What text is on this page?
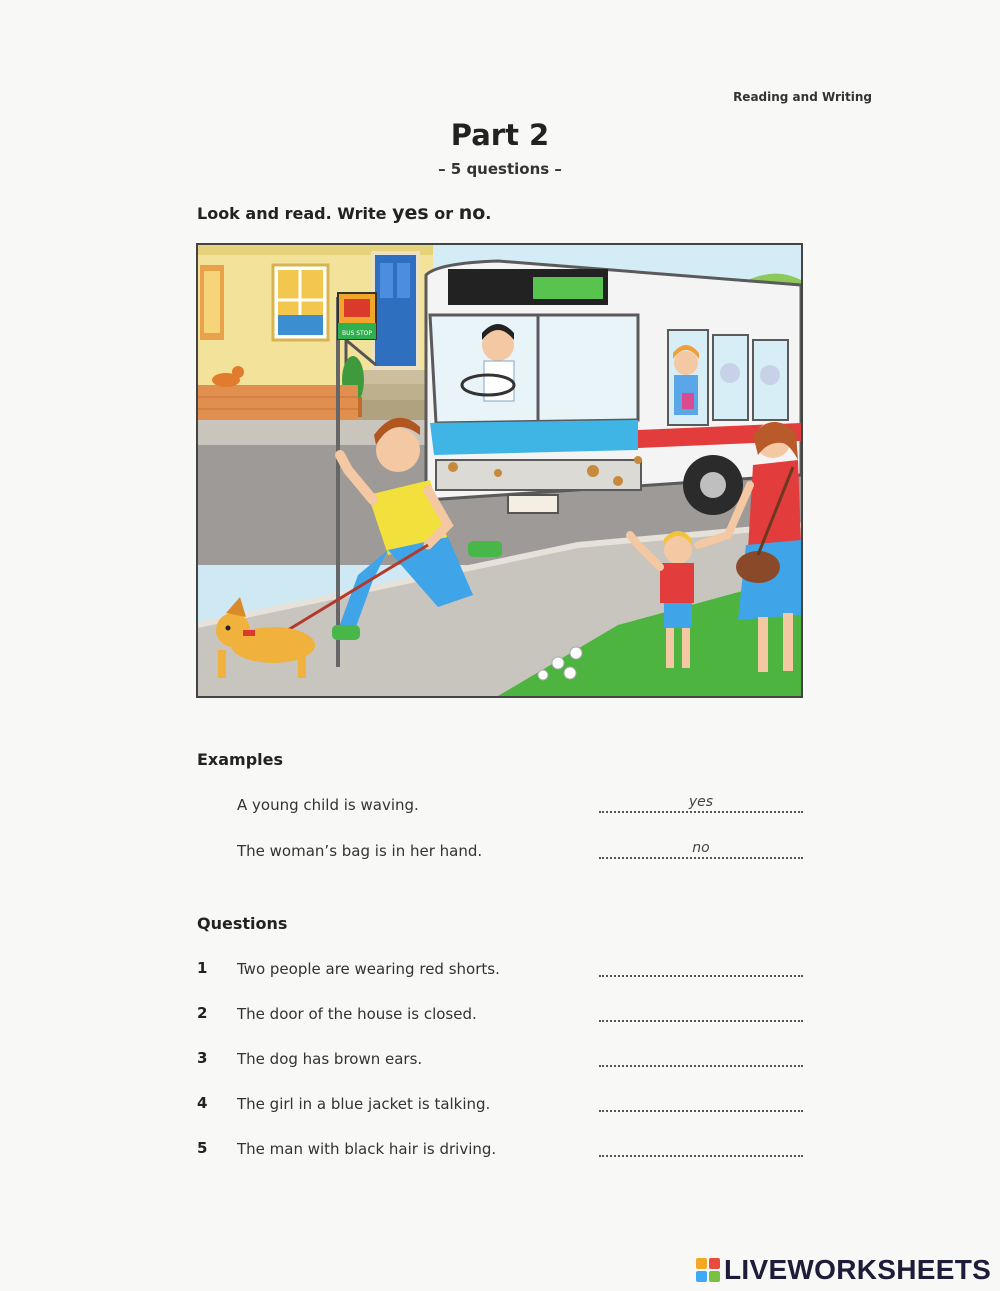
Reading and Writing
Part 2
– 5 questions –
Look and read. Write yes or no.
BUS STOP
Examples
A young child is waving.	yes
The woman’s bag is in her hand.	no
Questions
1 Two people are wearing red shorts.
2 The door of the house is closed.
3 The dog has brown ears.
4 The girl in a blue jacket is talking.
5 The man with black hair is driving.
LIVEWORKSHEETS
